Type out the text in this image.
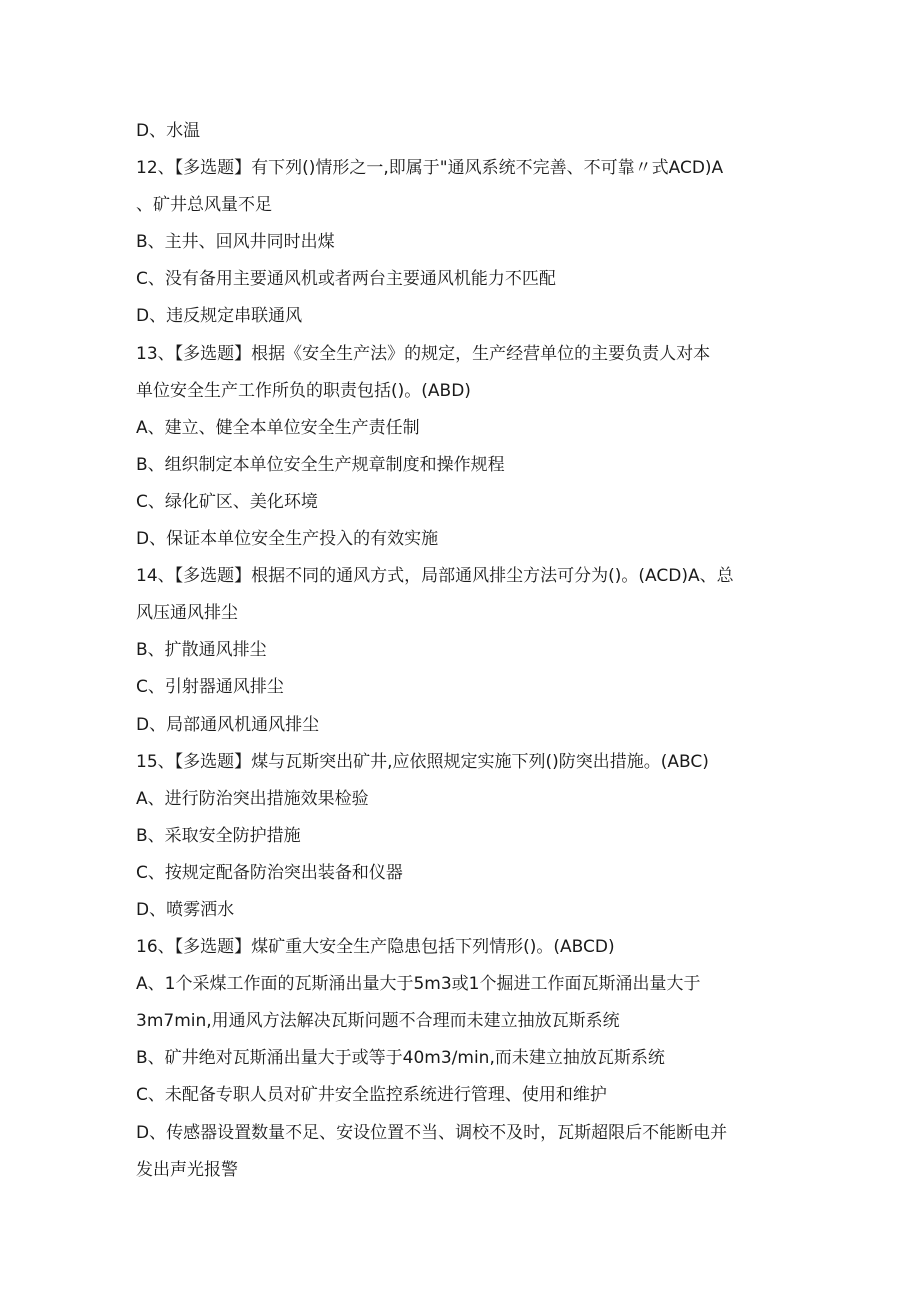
D、水温
12、【多选题】有下列()情形之一,即属于"通风系统不完善、不可靠〃式ACD)A
、矿井总风量不足
B、主井、回风井同时出煤
C、没有备用主要通风机或者两台主要通风机能力不匹配
D、违反规定串联通风
13、【多选题】根据《安全生产法》的规定，生产经营单位的主要负责人对本
单位安全生产工作所负的职责包括()。(ABD)
A、建立、健全本单位安全生产责任制
B、组织制定本单位安全生产规章制度和操作规程
C、绿化矿区、美化环境
D、保证本单位安全生产投入的有效实施
14、【多选题】根据不同的通风方式，局部通风排尘方法可分为()。(ACD)A、总
风压通风排尘
B、扩散通风排尘
C、引射器通风排尘
D、局部通风机通风排尘
15、【多选题】煤与瓦斯突出矿井,应依照规定实施下列()防突出措施。(ABC)
A、进行防治突出措施效果检验
B、采取安全防护措施
C、按规定配备防治突出装备和仪器
D、喷雾洒水
16、【多选题】煤矿重大安全生产隐患包括下列情形()。(ABCD)
A、1个采煤工作面的瓦斯涌出量大于5m3或1个掘进工作面瓦斯涌出量大于
3m7min,用通风方法解决瓦斯问题不合理而未建立抽放瓦斯系统
B、矿井绝对瓦斯涌出量大于或等于40m3∕min,而未建立抽放瓦斯系统
C、未配备专职人员对矿井安全监控系统进行管理、使用和维护
D、传感器设置数量不足、安设位置不当、调校不及时，瓦斯超限后不能断电并
发出声光报警
